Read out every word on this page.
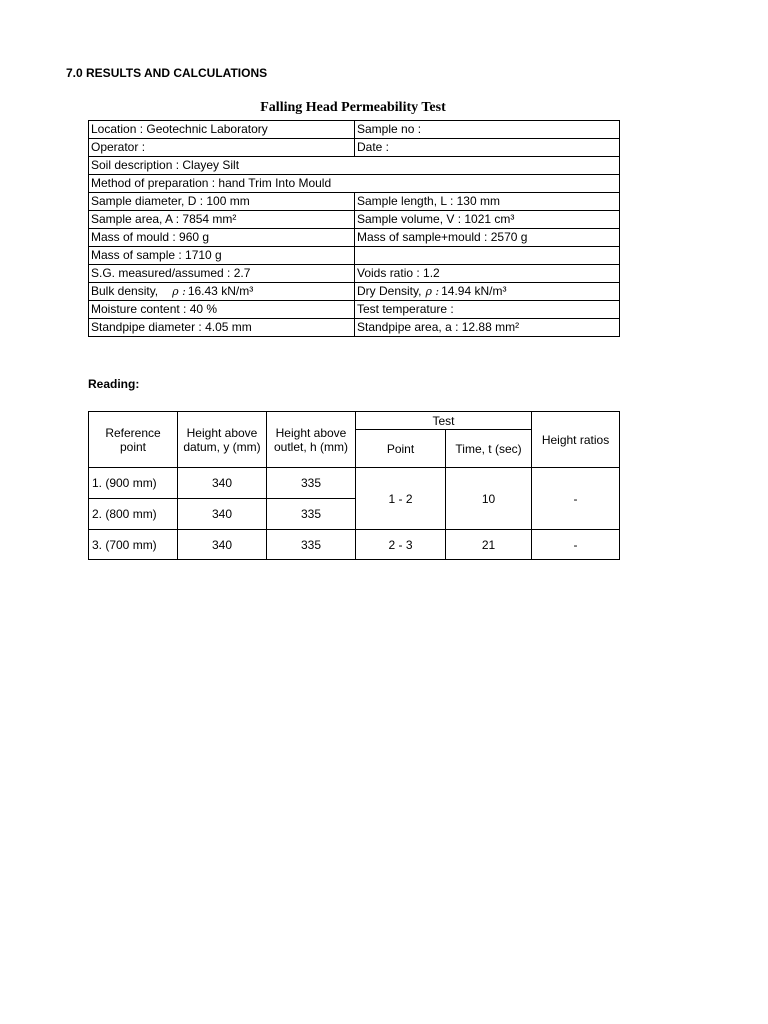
7.0 RESULTS AND CALCULATIONS
Falling Head Permeability Test
Location : Geotechnic Laboratory	Sample no :
Operator :	Date :
Soil description : Clayey Silt	
Method of preparation : hand Trim Into Mould	
Sample diameter, D : 100 mm	Sample length, L : 130 mm
Sample area, A : 7854 mm²	Sample volume, V : 1021 cm³
Mass of mould : 960 g	Mass of sample+mould : 2570 g
Mass of sample : 1710 g	
S.G. measured/assumed : 2.7	Voids ratio : 1.2
Bulk density, ρ : 16.43 kN/m³	Dry Density, ρ : 14.94 kN/m³
Moisture content : 40 %	Test temperature :
Standpipe diameter : 4.05 mm	Standpipe area, a : 12.88 mm²
Reading:
Reference point	Height above datum, y (mm)	Height above outlet, h (mm)	Test		Height ratios
			Point	Time, t (sec)	
1. (900 mm)	340	335	1 - 2	10	-
2. (800 mm)	340	335			
3. (700 mm)	340	335	2 - 3	21	-
